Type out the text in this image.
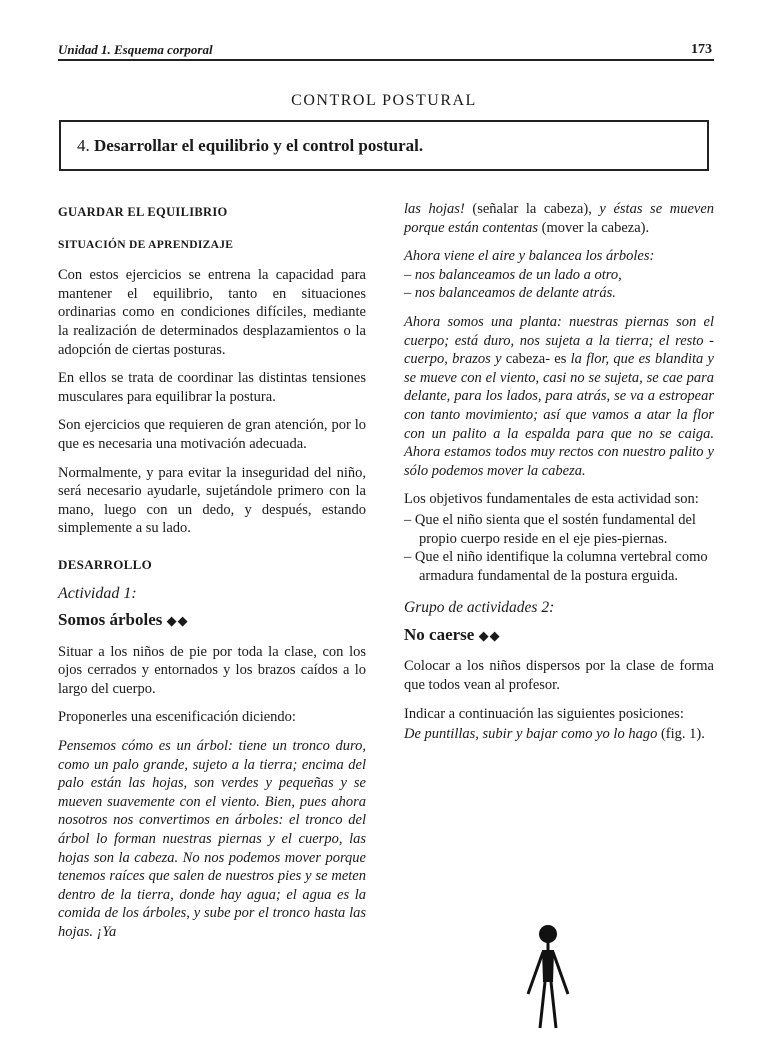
Unidad 1. Esquema corporal	173
CONTROL POSTURAL
4. Desarrollar el equilibrio y el control postural.
GUARDAR EL EQUILIBRIO
SITUACIÓN DE APRENDIZAJE

Con estos ejercicios se entrena la capacidad para mantener el equilibrio, tanto en situaciones ordinarias como en condiciones difíciles, mediante la realización de determinados desplazamientos o la adopción de ciertas posturas.

En ellos se trata de coordinar las distintas tensiones musculares para equilibrar la postura.

Son ejercicios que requieren de gran atención, por lo que es necesaria una motivación adecuada.

Normalmente, y para evitar la inseguridad del niño, será necesario ayudarle, sujetándole primero con la mano, luego con un dedo, y después, estando simplemente a su lado.

DESARROLLO
Actividad 1:
Somos árboles ◆◆

Situar a los niños de pie por toda la clase, con los ojos cerrados y entornados y los brazos caídos a lo largo del cuerpo.

Proponerles una escenificación diciendo:

Pensemos cómo es un árbol: tiene un tronco duro, como un palo grande, sujeto a la tierra; encima del palo están las hojas, son verdes y pequeñas y se mueven suavemente con el viento. Bien, pues ahora nosotros nos convertimos en árboles: el tronco del árbol lo forman nuestras piernas y el cuerpo, las hojas son la cabeza. No nos podemos mover porque tenemos raíces que salen de nuestros pies y se meten dentro de la tierra, donde hay agua; el agua es la comida de los árboles, y sube por el tronco hasta las hojas. ¡Ya

las hojas! (señalar la cabeza), y éstas se mueven porque están contentas (mover la cabeza).

Ahora viene el aire y balancea los árboles:

– nos balanceamos de un lado a otro,

– nos balanceamos de delante atrás.

Ahora somos una planta: nuestras piernas son el cuerpo; está duro, nos sujeta a la tierra; el resto -cuerpo, brazos y cabeza- es la flor, que es blandita y se mueve con el viento, casi no se sujeta, se cae para delante, para los lados, para atrás, se va a estropear con tanto movimiento; así que vamos a atar la flor con un palito a la espalda para que no se caiga. Ahora estamos todos muy rectos con nuestro palito y sólo podemos mover la cabeza.

Los objetivos fundamentales de esta actividad son:

– Que el niño sienta que el sostén fundamental del propio cuerpo reside en el eje pies-piernas.
– Que el niño identifique la columna vertebral como armadura fundamental de la postura erguida.
Grupo de actividades 2:
No caerse ◆◆

Colocar a los niños dispersos por la clase de forma que todos vean al profesor.

Indicar a continuación las siguientes posiciones:

De puntillas, subir y bajar como yo lo hago (fig. 1).
